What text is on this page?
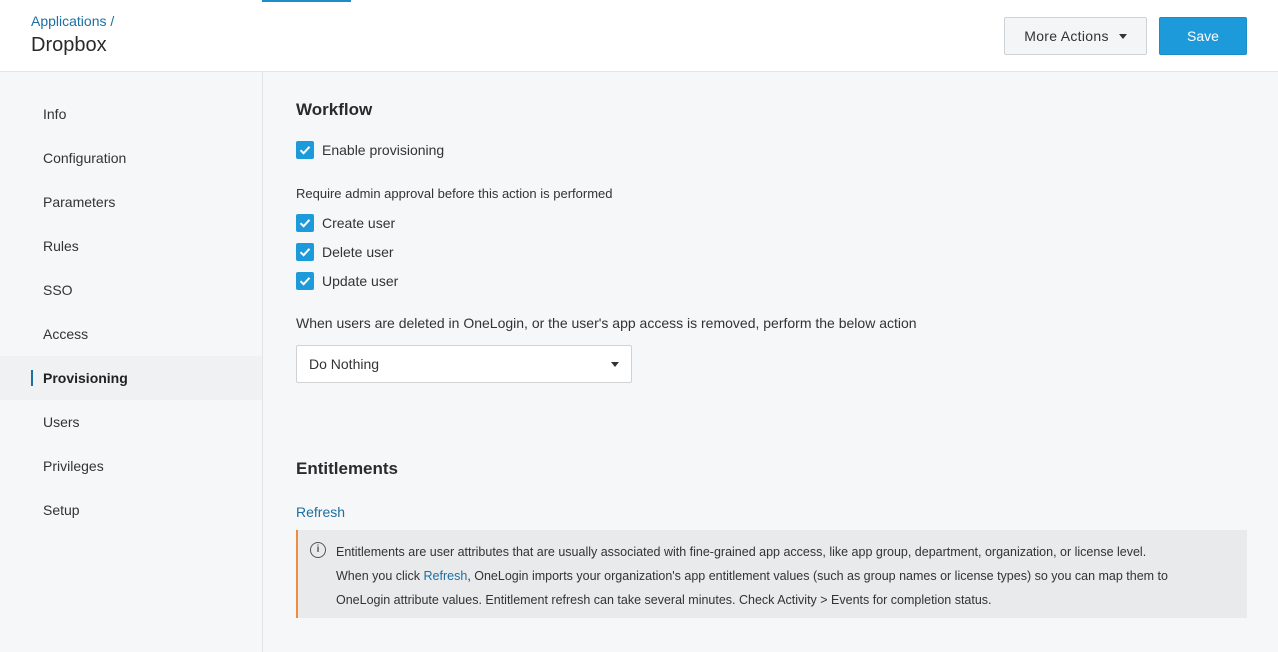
Applications /
Dropbox	More Actions	Save
Info
Configuration
Parameters
Rules
SSO
Access
Provisioning
Users
Privileges
Setup
Workflow
Enable provisioning
Require admin approval before this action is performed
Create user
Delete user
Update user
When users are deleted in OneLogin, or the user's app access is removed, perform the below action
Do Nothing
Entitlements
Refresh
i	Entitlements are user attributes that are usually associated with fine-grained app access, like app group, department, organization, or license level.
When you click Refresh, OneLogin imports your organization's app entitlement values (such as group names or license types) so you can map them to
OneLogin attribute values. Entitlement refresh can take several minutes. Check Activity > Events for completion status.
